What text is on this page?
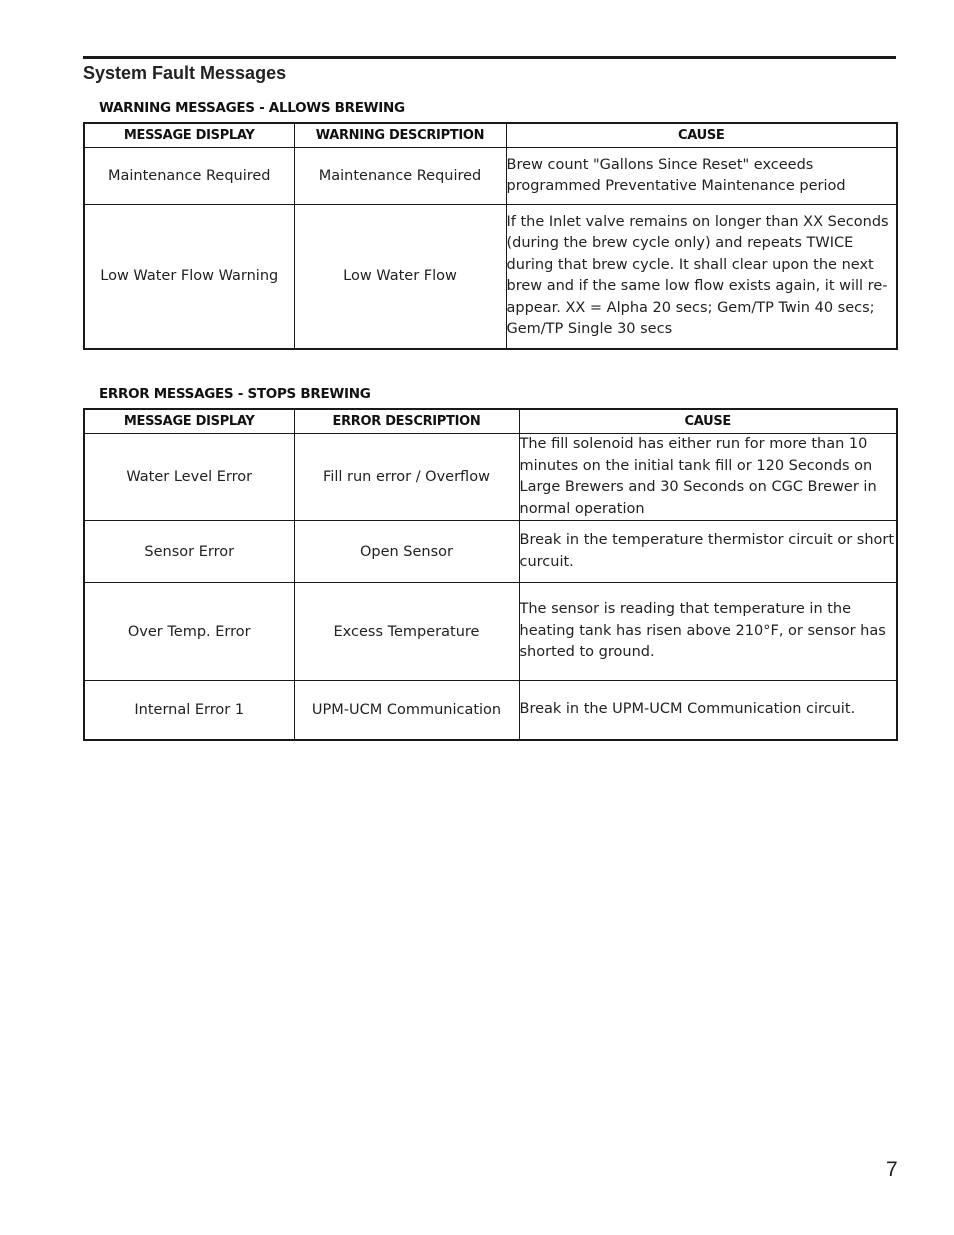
System Fault Messages
WARNING MESSAGES - ALLOWS BREWING
MESSAGE DISPLAY	WARNING DESCRIPTION	CAUSE
Maintenance Required	Maintenance Required	Brew count "Gallons Since Reset" exceeds programmed Preventative Maintenance period

Low Water Flow Warning	Low Water Flow	If the Inlet valve remains on longer than XX Seconds (during the brew cycle only) and repeats TWICE during that brew cycle. It shall clear upon the next brew and if the same low flow exists again, it will re-appear. XX = Alpha 20 secs; Gem/TP Twin 40 secs; Gem/TP Single 30 secs
ERROR MESSAGES - STOPS BREWING
MESSAGE DISPLAY	ERROR DESCRIPTION	CAUSE
Water Level Error	Fill run error / Overflow	The fill solenoid has either run for more than 10 minutes on the initial tank fill or 120 Seconds on Large Brewers and 30 Seconds on CGC Brewer in normal operation

Sensor Error	Open Sensor	Break in the temperature thermistor circuit or short curcuit.

Over Temp. Error	Excess Temperature	The sensor is reading that temperature in the heating tank has risen above 210°F, or sensor has shorted to ground.

Internal Error 1	UPM-UCM Communication	Break in the UPM-UCM Communication circuit.
7
